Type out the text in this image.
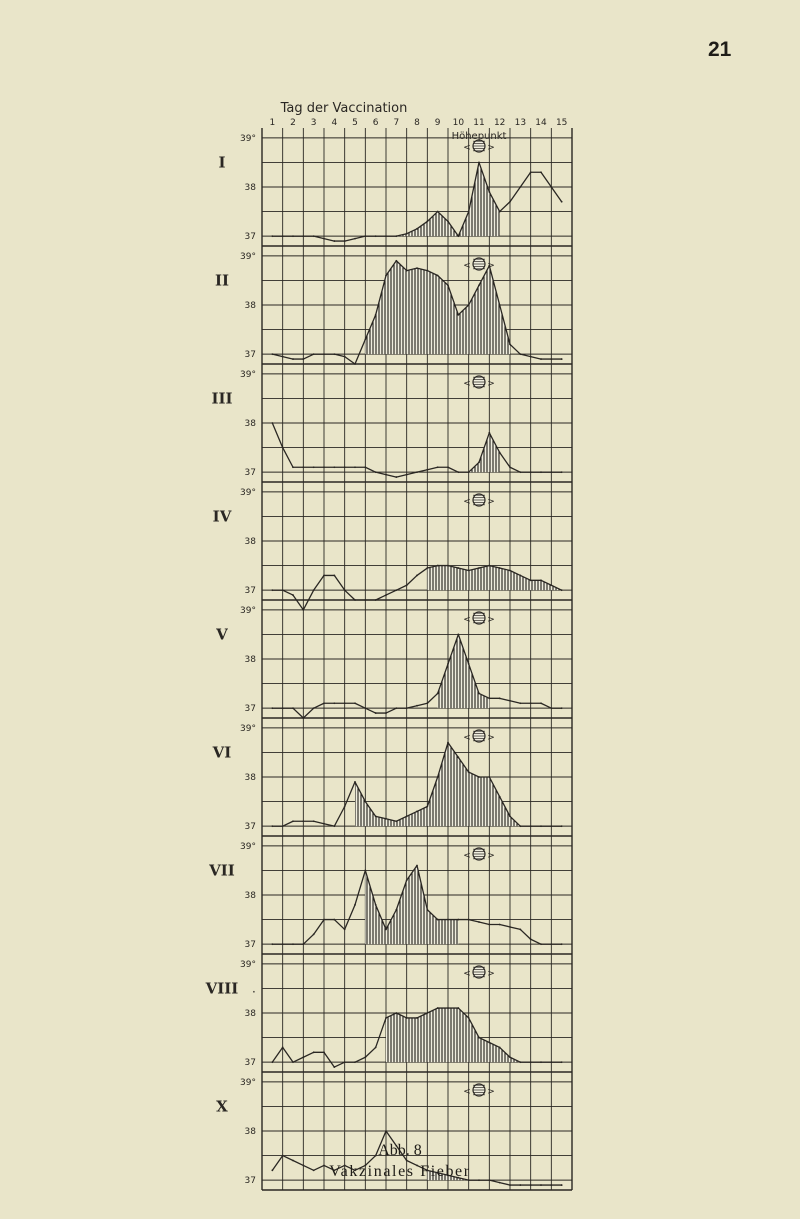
21
Tag der Vaccination
1 2 3 4 5 6 7 8 9 10 11 12 13 14 15
39°
38
37
I
< >
39°
38
37
II
< >
39°
38
37
III
< >
39°
38
37
IV
< >
39°
38
37
V
< >
39°
38
37
VI
< >
39°
38
37
VII
< >
39°
38
37
.
VIII
< >
39°
38
37
X
< >
Höhepunkt
Abb. 8
Vakzinales Fieber
